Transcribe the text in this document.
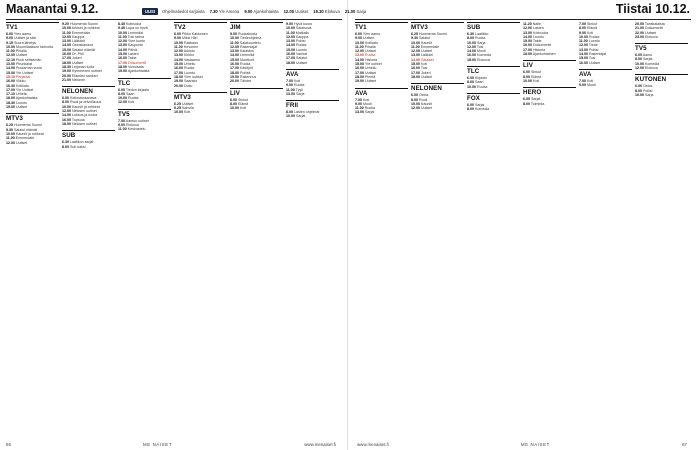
Maanantai 9.12.
TV1

6.00 Ylen aamu

9.00 Uutiset ja sää

9.15 Suora lähetys

10.00 Muumilaakson tarinoita

11.00 Pihalla

12.00 Uutiset

12.10 Puoli seitsemän

13.00 Pirunkalat

14.00 Puutarhan vuosi

15.00 Yle Uutiset

15.10 Perjantai

16.00 Viikko

16.30 Kotikatu

17.00 Yle Uutiset

17.10 Urheilu

18.00 Ajankohtaista

18.30 Luonto

19.00 Uutiset

MTV3

6.25 Huomenta Suomi

9.30 Salatut elämät

10.00 Kauniit ja rohkeat

11.00 Emmerdale

12.00 Uutiset

9.20 Huomenta Suomi

10.00 Arkiset ja rohkeat

11.00 Emmerdale

12.00 Kauppa

13.00 Lääkärit

14.00 Ostoskanava

15.00 Salatut elämät

16.00 Dr. Phil

17.00 Jokeri

18.00 Uutiset

18.30 Leijonan luola

19.00 Kymmenen uutiset

20.00 Elämäni sankari

21.00 Nelonen

NELONEN

6.00 Kotiostoskanava

8.00 Rooli ja velvollisuus

10.00 Kauniit ja rohkeat

12.00 Nelosen uutiset

14.00 Luksus ja ruoka

16.00 Tupsula

18.00 Nelosen uutiset

SUB

6.30 Laatikon sarjat

8.00 Sub kaksi

8.45 Kotiruoka

9.45 Lupa on hyvä

10.00 Lemmikki

11.00 Tosi tarina

12.00 Ylen kunto

13.00 Kaupunki

14.00 Päivä

15.00 Lasten

16.00 Taide

17.00 Dokumentti

18.00 Vuosisata

19.00 Ajankohtaista

TLC

6.00 Tiedon kirjasto

8.00 Saari

10.00 Ruoka

12.00 Koti

TV5

7.00 Aamun uutiset

9.00 Elokuva

11.00 Keskustelu

TV2

6.00 Pikku Kakkonen

9.00 Mikki Hiiri

10.00 Rakkaus

11.00 Hevonen

12.00 Arkisto

13.00 Kirkko

14.00 Vastaamo

15.00 Urheilu

16.00 Ruoka

17.00 Luonto

18.00 Ylen uutiset

19.00 Saaristo

20.00 Doku

MTV3

6.25 Uutiset

9.25 Kahvila

10.00 Koti

JIM

9.00 Ruokakunta

10.00 Tiedeohjelma

11.00 Salakuuntelu

12.00 Rakentajat

13.00 Kalastus

14.00 Lemmikit

15.00 Moottorit

16.00 Ruoka

17.00 Käsityöt

18.00 Poliisit

19.00 Rakennus

20.00 Tähdet

LIV

6.00 Sinkut

8.00 Elämä

10.00 Koti

9.00 Hyvä kuoro

10.00 Salaisuus

11.00 Matkailu

12.00 Kauppa

13.00 Poliisi

14.00 Ruoka

15.00 Luonto

16.00 Vanhat

17.00 Salatut

18.00 Uutiset

AVA

7.00 Koti

9.00 Ruoka

11.00 Tyyli

13.00 Sarja

FRII

8.00 Lasten ohjelmat

10.00 Sarjat

66	ME NAISET	www.menaiset.fi
Tiistai 10.12.
TV1

6.00 Ylen aamu

9.00 Uutiset

10.00 Kotikatu

11.00 Pihalla

12.00 Uutiset

13.00 Ruoka

14.00 Historia

15.00 Yle uutiset

16.00 Urheilu

17.00 Uutiset

18.00 Pientä

19.00 Uutiset

AVA

7.00 Koti

9.00 Muoti

11.00 Ruoka

13.00 Sarjat

MTV3

6.25 Huomenta Suomi

9.30 Salatut

10.00 Kauniit

11.00 Emmerdale

12.00 Uutiset

13.00 Lääkäri

14.00 Salaiset

15.00 Koti

16.00 Tosi

17.00 Jokeri

18.00 Uutiset

NELONEN

6.00 Ostos

8.00 Rooli

10.00 Kauniit

12.00 Uutiset

SUB

6.30 Laatikko

8.00 Ruoka

10.00 Sarja

12.00 Tosi

14.00 Muoti

16.00 Komedia

18.00 Elokuva

TLC

6.00 Kirjasto

8.00 Saari

10.00 Ruoka

FOX

6.00 Sarjat

8.00 Komedia

11.20 Nalle

12.00 Lasten

13.00 Kotiruoka

14.00 Luonto

15.00 Taide

16.00 Dokumentti

17.00 Historia

18.00 Ajankohtainen

LIV

6.00 Sinkut

8.00 Elämä

10.00 Koti

HERO

6.00 Sarjat

8.00 Toiminta

7.00 Sinkut

8.00 Elämä

9.00 Koti

10.00 Ruoka

11.00 Luonto

12.00 Tiede

13.00 Poliisi

14.00 Rakentajat

15.00 Tosi

16.00 Uutiset

AVA

7.00 Koti

9.00 Muoti

20.00 Tanskalaista

21.00 Dokumentti

22.00 Uutiset

23.00 Elokuva

TV5

6.00 Aamu

8.00 Sarjat

10.00 Komedia

12.00 Elokuva

KUTONEN

6.00 Ostos

8.00 Poliisi

10.00 Sarja

www.menaiset.fi	ME NAISET	67
UUSI	Ohjelmatiedot sarjoista 7.30 Yle Areena 9.00 Ajankohtaista 12.00 Uutiset 19.30 Elokuva 21.00 Sarja
